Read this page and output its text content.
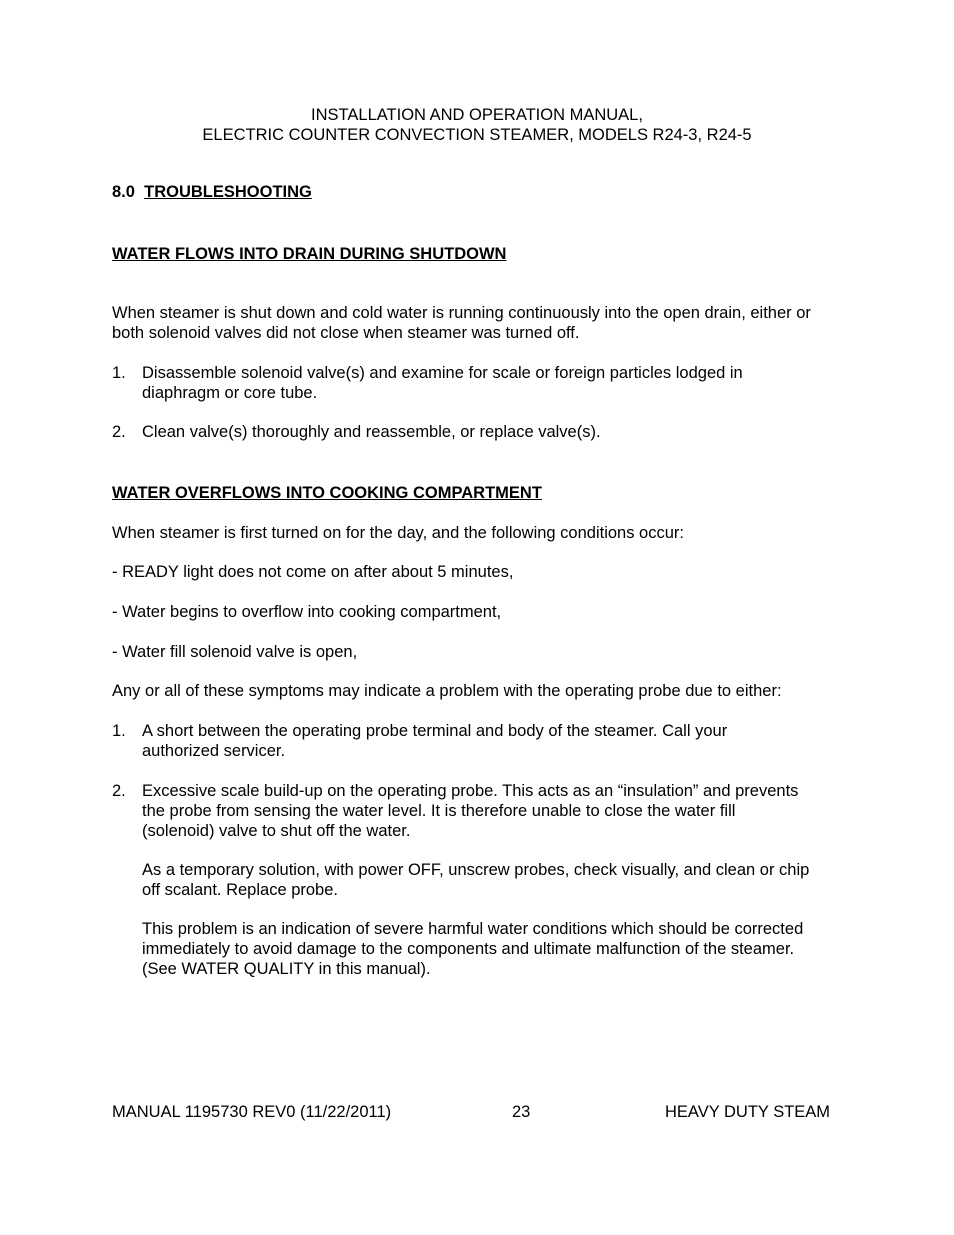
INSTALLATION AND OPERATION MANUAL,
ELECTRIC COUNTER CONVECTION STEAMER, MODELS R24-3, R24-5
8.0 TROUBLESHOOTING
WATER FLOWS INTO DRAIN DURING SHUTDOWN
When steamer is shut down and cold water is running continuously into the open drain, either or
both solenoid valves did not close when steamer was turned off.
1. Disassemble solenoid valve(s) and examine for scale or foreign particles lodged in
diaphragm or core tube.
2. Clean valve(s) thoroughly and reassemble, or replace valve(s).
WATER OVERFLOWS INTO COOKING COMPARTMENT
When steamer is first turned on for the day, and the following conditions occur:
- READY light does not come on after about 5 minutes,
- Water begins to overflow into cooking compartment,
- Water fill solenoid valve is open,
Any or all of these symptoms may indicate a problem with the operating probe due to either:
1. A short between the operating probe terminal and body of the steamer. Call your
authorized servicer.
2. Excessive scale build-up on the operating probe. This acts as an “insulation” and prevents
the probe from sensing the water level. It is therefore unable to close the water fill
(solenoid) valve to shut off the water.
As a temporary solution, with power OFF, unscrew probes, check visually, and clean or chip
off scalant. Replace probe.
This problem is an indication of severe harmful water conditions which should be corrected
immediately to avoid damage to the components and ultimate malfunction of the steamer.
(See WATER QUALITY in this manual).
MANUAL 1195730 REV0 (11/22/2011)	23	HEAVY DUTY STEAM
